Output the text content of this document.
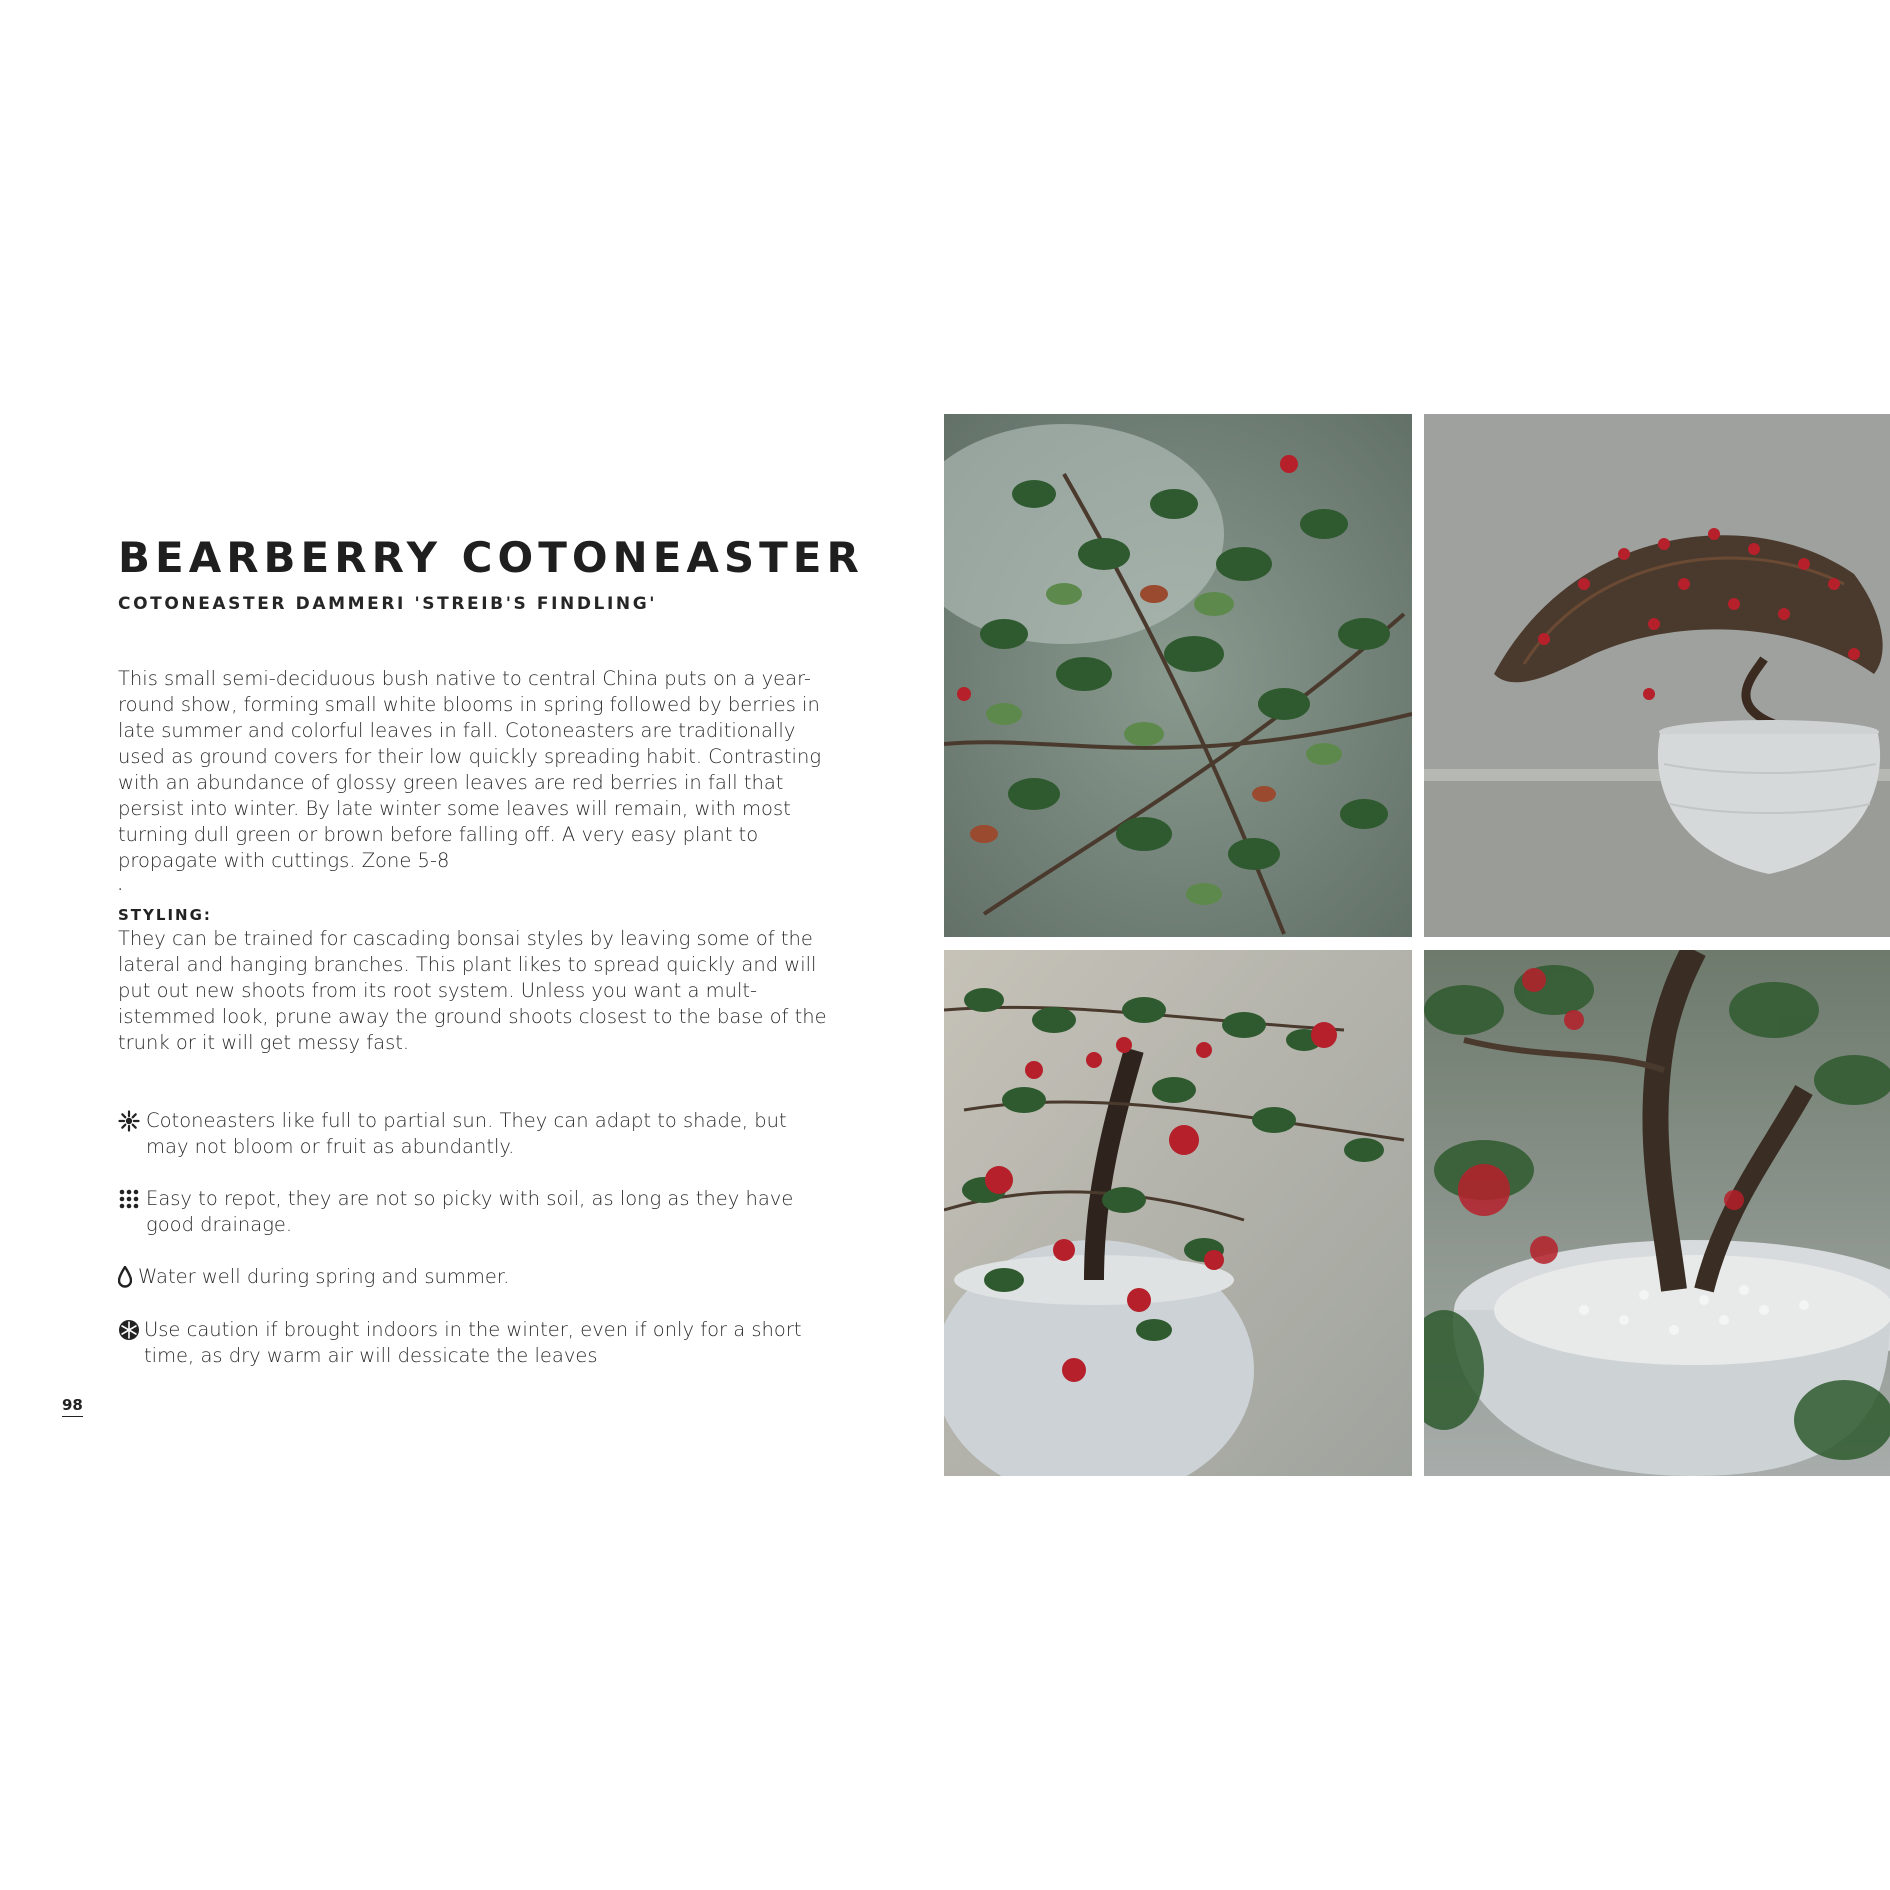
BEARBERRY COTONEASTER
COTONEASTER DAMMERI 'STREIB'S FINDLING'
This small semi-deciduous bush native to central China puts on a year-round show, forming small white blooms in spring followed by berries in late summer and colorful leaves in fall. Cotoneasters are traditionally used as ground covers for their low quickly spreading habit. Contrasting with an abundance of glossy green leaves are red berries in fall that persist into winter. By late winter some leaves will remain, with most turning dull green or brown before falling off. A very easy plant to propagate with cuttings. Zone 5-8
.
STYLING:
They can be trained for cascading bonsai styles by leaving some of the lateral and hanging branches. This plant likes to spread quickly and will put out new shoots from its root system. Unless you want a mult-istemmed look, prune away the ground shoots closest to the base of the trunk or it will get messy fast.
Cotoneasters like full to partial sun. They can adapt to shade, but may not bloom or fruit as abundantly.
Easy to repot, they are not so picky with soil, as long as they have good drainage.
Water well during spring and summer.
Use caution if brought indoors in the winter, even if only for a short time, as dry warm air will dessicate the leaves
98
